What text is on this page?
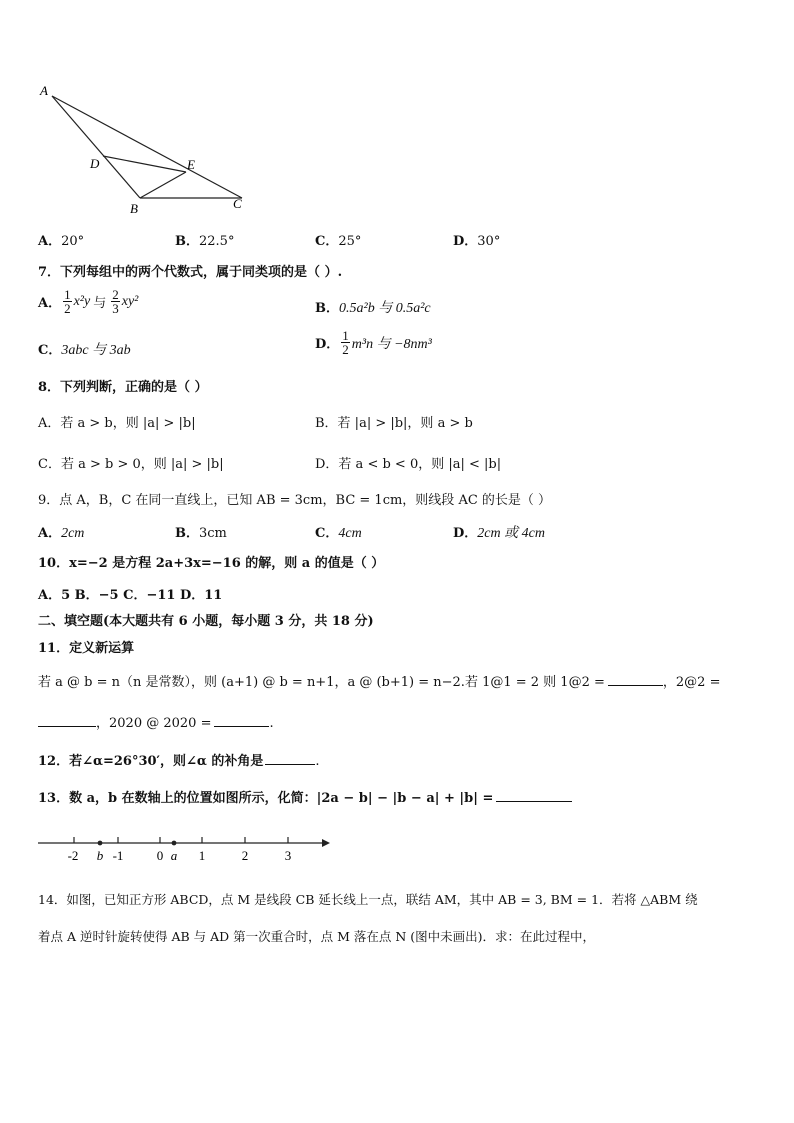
A
D	E
B	C
A．20°	B．22.5°	C．25°	D．30°
7．下列每组中的两个代数式，属于同类项的是（ ）.
A． $\frac{1}{2} x^2y$ 与 $\frac{2}{3} xy^2$	B．0.5a²b 与 0.5a²c
C．3abc 与 3ab	D． $\frac{1}{2} m^3n$ 与 −8nm³
8．下列判断，正确的是（ ）
A．若 a > b，则 |a| > |b|	B．若 |a| > |b|，则 a > b
C．若 a > b > 0，则 |a| > |b|	D．若 a < b < 0，则 |a| < |b|
9．点 A，B，C 在同一直线上，已知 AB = 3cm，BC = 1cm，则线段 AC 的长是（ ）
A．2cm	B．3cm	C．4cm	D．2cm 或 4cm
10．x=−2 是方程 2a+3x=−16 的解，则 a 的值是（ ）
A．5 B．−5 C．−11 D．11
二、填空题(本大题共有 6 小题，每小题 3 分，共 18 分)
11．定义新运算
若 a @ b = n（n 是常数），则 (a+1) @ b = n+1，a @ (b+1) = n−2.若 1@1 = 2 则 1@2 =	，2@2 =
，2020 @ 2020 =	.
12．若∠α=26°30′，则∠α 的补角是	.
13．数 a，b 在数轴上的位置如图所示，化简：|2a − b| − |b − a| + |b| =
-2 b -1	0 a 1	2	3
14．如图，已知正方形 ABCD，点 M 是线段 CB 延长线上一点，联结 AM，其中 AB = 3, BM = 1．若将 △ABM 绕
着点 A 逆时针旋转使得 AB 与 AD 第一次重合时，点 M 落在点 N (图中未画出)．求：在此过程中，
